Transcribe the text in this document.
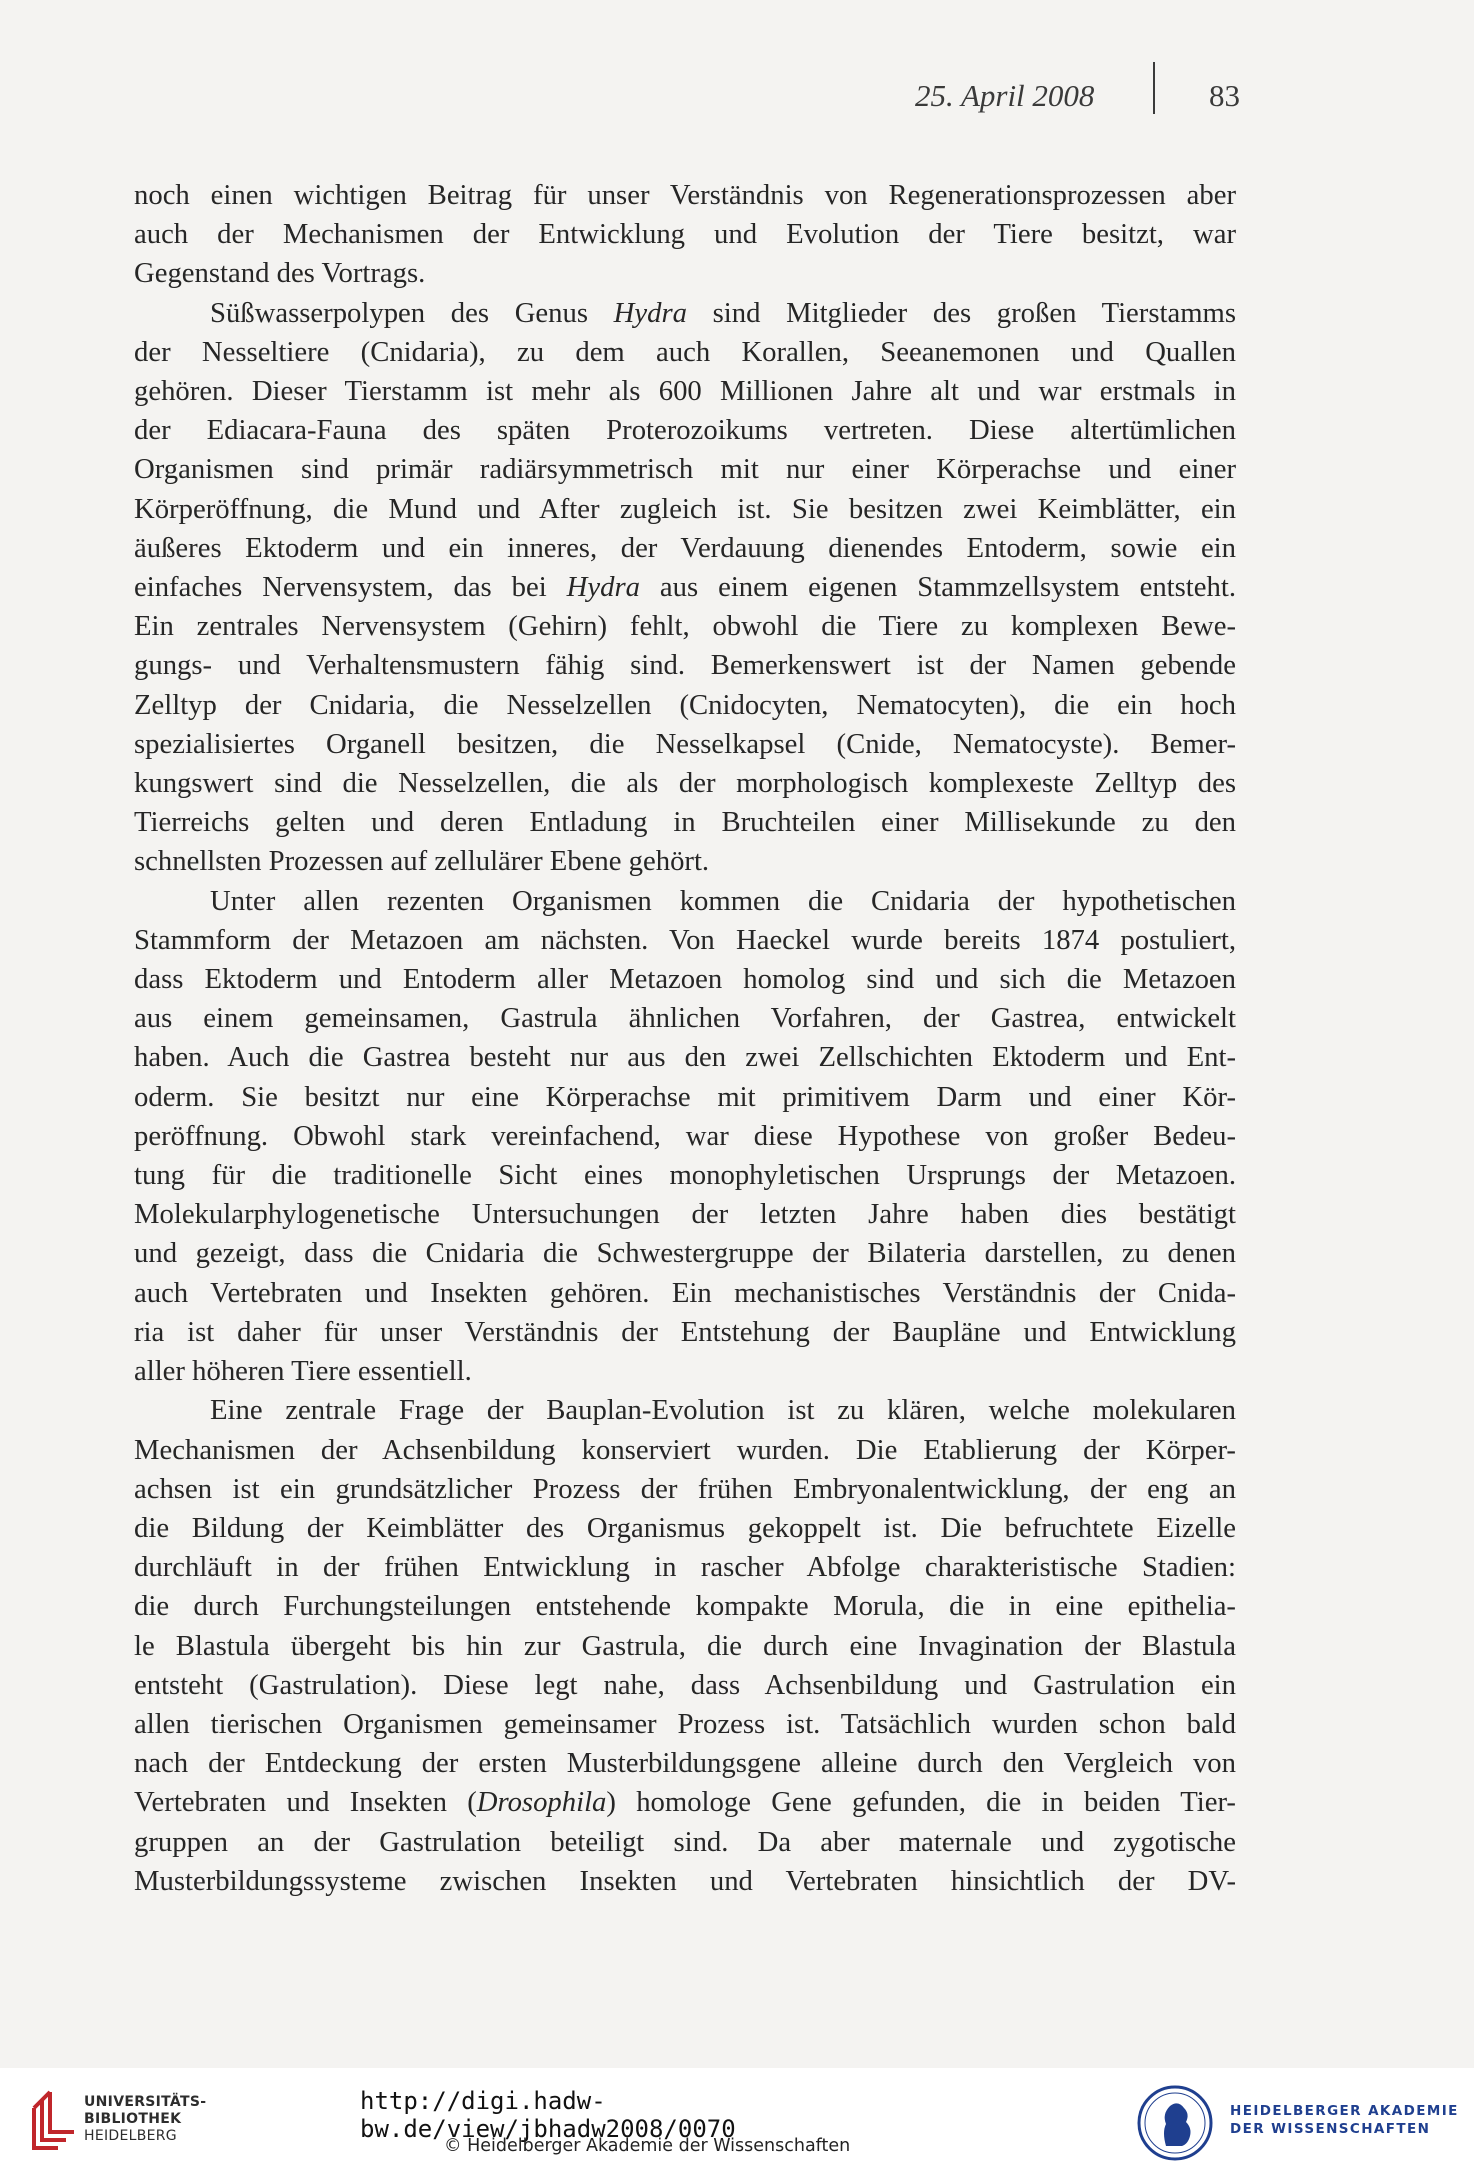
25. April 2008	83

noch einen wichtigen Beitrag für unser Verständnis von Regenerationsprozessen aber
auch der Mechanismen der Entwicklung und Evolution der Tiere besitzt, war
Gegenstand des Vortrags.

Süßwasserpolypen des Genus Hydra sind Mitglieder des großen Tierstamms
der Nesseltiere (Cnidaria), zu dem auch Korallen, Seeanemonen und Quallen
gehören. Dieser Tierstamm ist mehr als 600 Millionen Jahre alt und war erstmals in
der Ediacara-Fauna des späten Proterozoikums vertreten. Diese altertümlichen
Organismen sind primär radiärsymmetrisch mit nur einer Körperachse und einer
Körperöffnung, die Mund und After zugleich ist. Sie besitzen zwei Keimblätter, ein
äußeres Ektoderm und ein inneres, der Verdauung dienendes Entoderm, sowie ein
einfaches Nervensystem, das bei Hydra aus einem eigenen Stammzellsystem entsteht.
Ein zentrales Nervensystem (Gehirn) fehlt, obwohl die Tiere zu komplexen Bewe-
gungs- und Verhaltensmustern fähig sind. Bemerkenswert ist der Namen gebende
Zelltyp der Cnidaria, die Nesselzellen (Cnidocyten, Nematocyten), die ein hoch
spezialisiertes Organell besitzen, die Nesselkapsel (Cnide, Nematocyste). Bemer-
kungswert sind die Nesselzellen, die als der morphologisch komplexeste Zelltyp des
Tierreichs gelten und deren Entladung in Bruchteilen einer Millisekunde zu den
schnellsten Prozessen auf zellulärer Ebene gehört.

Unter allen rezenten Organismen kommen die Cnidaria der hypothetischen
Stammform der Metazoen am nächsten. Von Haeckel wurde bereits 1874 postuliert,
dass Ektoderm und Entoderm aller Metazoen homolog sind und sich die Metazoen
aus einem gemeinsamen, Gastrula ähnlichen Vorfahren, der Gastrea, entwickelt
haben. Auch die Gastrea besteht nur aus den zwei Zellschichten Ektoderm und Ent-
oderm. Sie besitzt nur eine Körperachse mit primitivem Darm und einer Kör-
peröffnung. Obwohl stark vereinfachend, war diese Hypothese von großer Bedeu-
tung für die traditionelle Sicht eines monophyletischen Ursprungs der Metazoen.
Molekularphylogenetische Untersuchungen der letzten Jahre haben dies bestätigt
und gezeigt, dass die Cnidaria die Schwestergruppe der Bilateria darstellen, zu denen
auch Vertebraten und Insekten gehören. Ein mechanistisches Verständnis der Cnida-
ria ist daher für unser Verständnis der Entstehung der Baupläne und Entwicklung
aller höheren Tiere essentiell.

Eine zentrale Frage der Bauplan-Evolution ist zu klären, welche molekularen
Mechanismen der Achsenbildung konserviert wurden. Die Etablierung der Körper-
achsen ist ein grundsätzlicher Prozess der frühen Embryonalentwicklung, der eng an
die Bildung der Keimblätter des Organismus gekoppelt ist. Die befruchtete Eizelle
durchläuft in der frühen Entwicklung in rascher Abfolge charakteristische Stadien:
die durch Furchungsteilungen entstehende kompakte Morula, die in eine epithelia-
le Blastula übergeht bis hin zur Gastrula, die durch eine Invagination der Blastula
entsteht (Gastrulation). Diese legt nahe, dass Achsenbildung und Gastrulation ein
allen tierischen Organismen gemeinsamer Prozess ist. Tatsächlich wurden schon bald
nach der Entdeckung der ersten Musterbildungsgene alleine durch den Vergleich von
Vertebraten und Insekten (Drosophila) homologe Gene gefunden, die in beiden Tier-
gruppen an der Gastrulation beteiligt sind. Da aber maternale und zygotische
Musterbildungssysteme zwischen Insekten und Vertebraten hinsichtlich der DV-

UNIVERSITÄTS-
BIBLIOTHEK
HEIDELBERG
http://digi.hadw-bw.de/view/jbhadw2008/0070
© Heidelberger Akademie der Wissenschaften
HEIDELBERGER AKADEMIE
DER WISSENSCHAFTEN
